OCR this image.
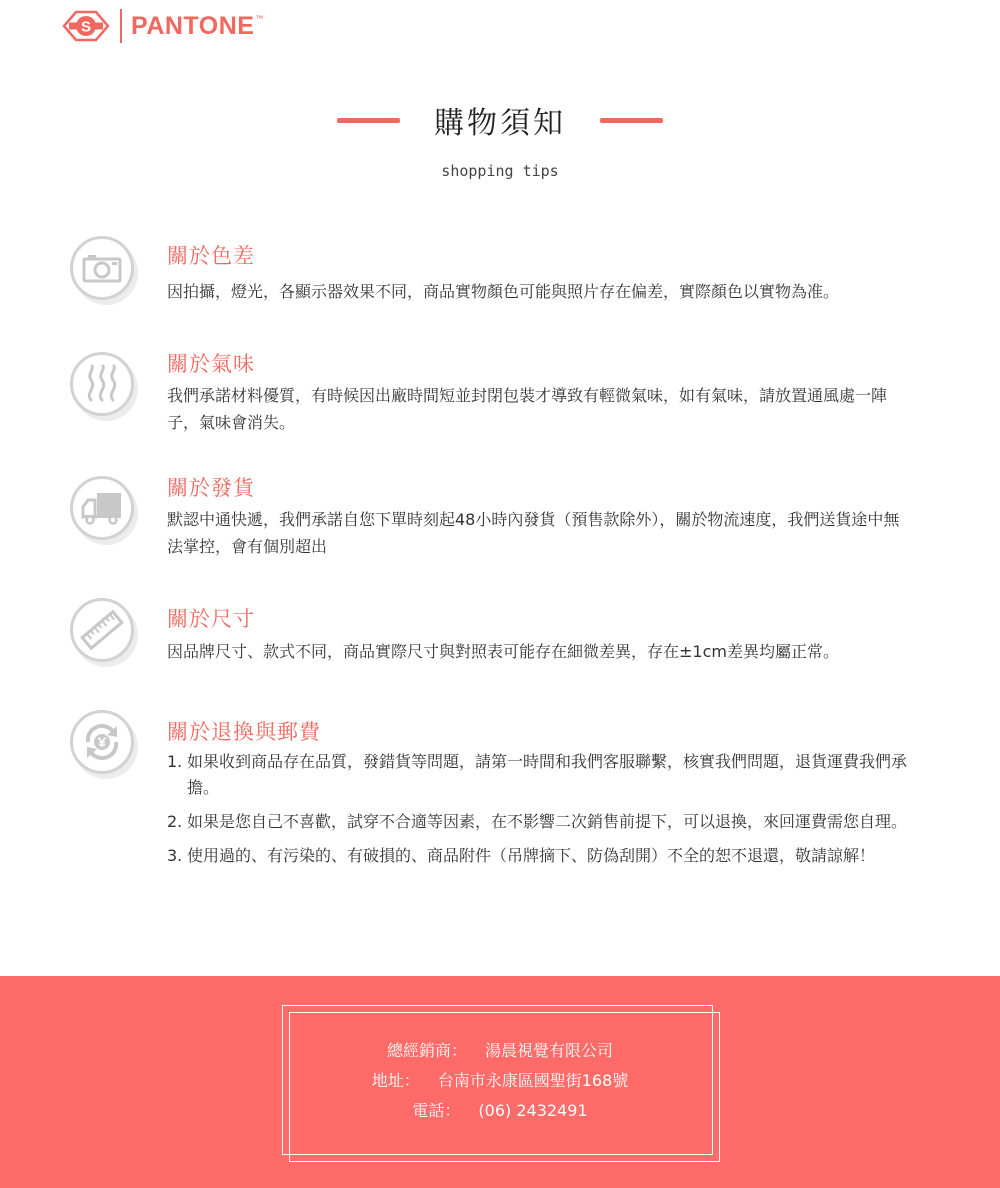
S PANTONE ™
購物須知
shopping tips
關於色差

因拍攝，燈光，各顯示器效果不同，商品實物顏色可能與照片存在偏差，實際顏色以實物為准。

關於氣味

我們承諾材料優質，有時候因出廠時間短並封閉包裝才導致有輕微氣味，如有氣味，請放置通風處一陣子，氣味會消失。

關於發貨

默認中通快遞，我們承諾自您下單時刻起48小時內發貨（預售款除外），關於物流速度，我們送貨途中無法掌控，會有個別超出

關於尺寸

因品牌尺寸、款式不同，商品實際尺寸與對照表可能存在細微差異，存在±1cm差異均屬正常。

關於退換與郵費
1. 如果收到商品存在品質，發錯貨等問題，請第一時間和我們客服聯繫，核實我們問題，退貨運費我們承擔。
2. 如果是您自己不喜歡，試穿不合適等因素，在不影響二次銷售前提下，可以退換，來回運費需您自理。
3. 使用過的、有污染的、有破損的、商品附件（吊牌摘下、防偽刮開）不全的恕不退還，敬請諒解！
總經銷商： 湯晨視覺有限公司
地址： 台南市永康區國聖街168號
電話： (06) 2432491
